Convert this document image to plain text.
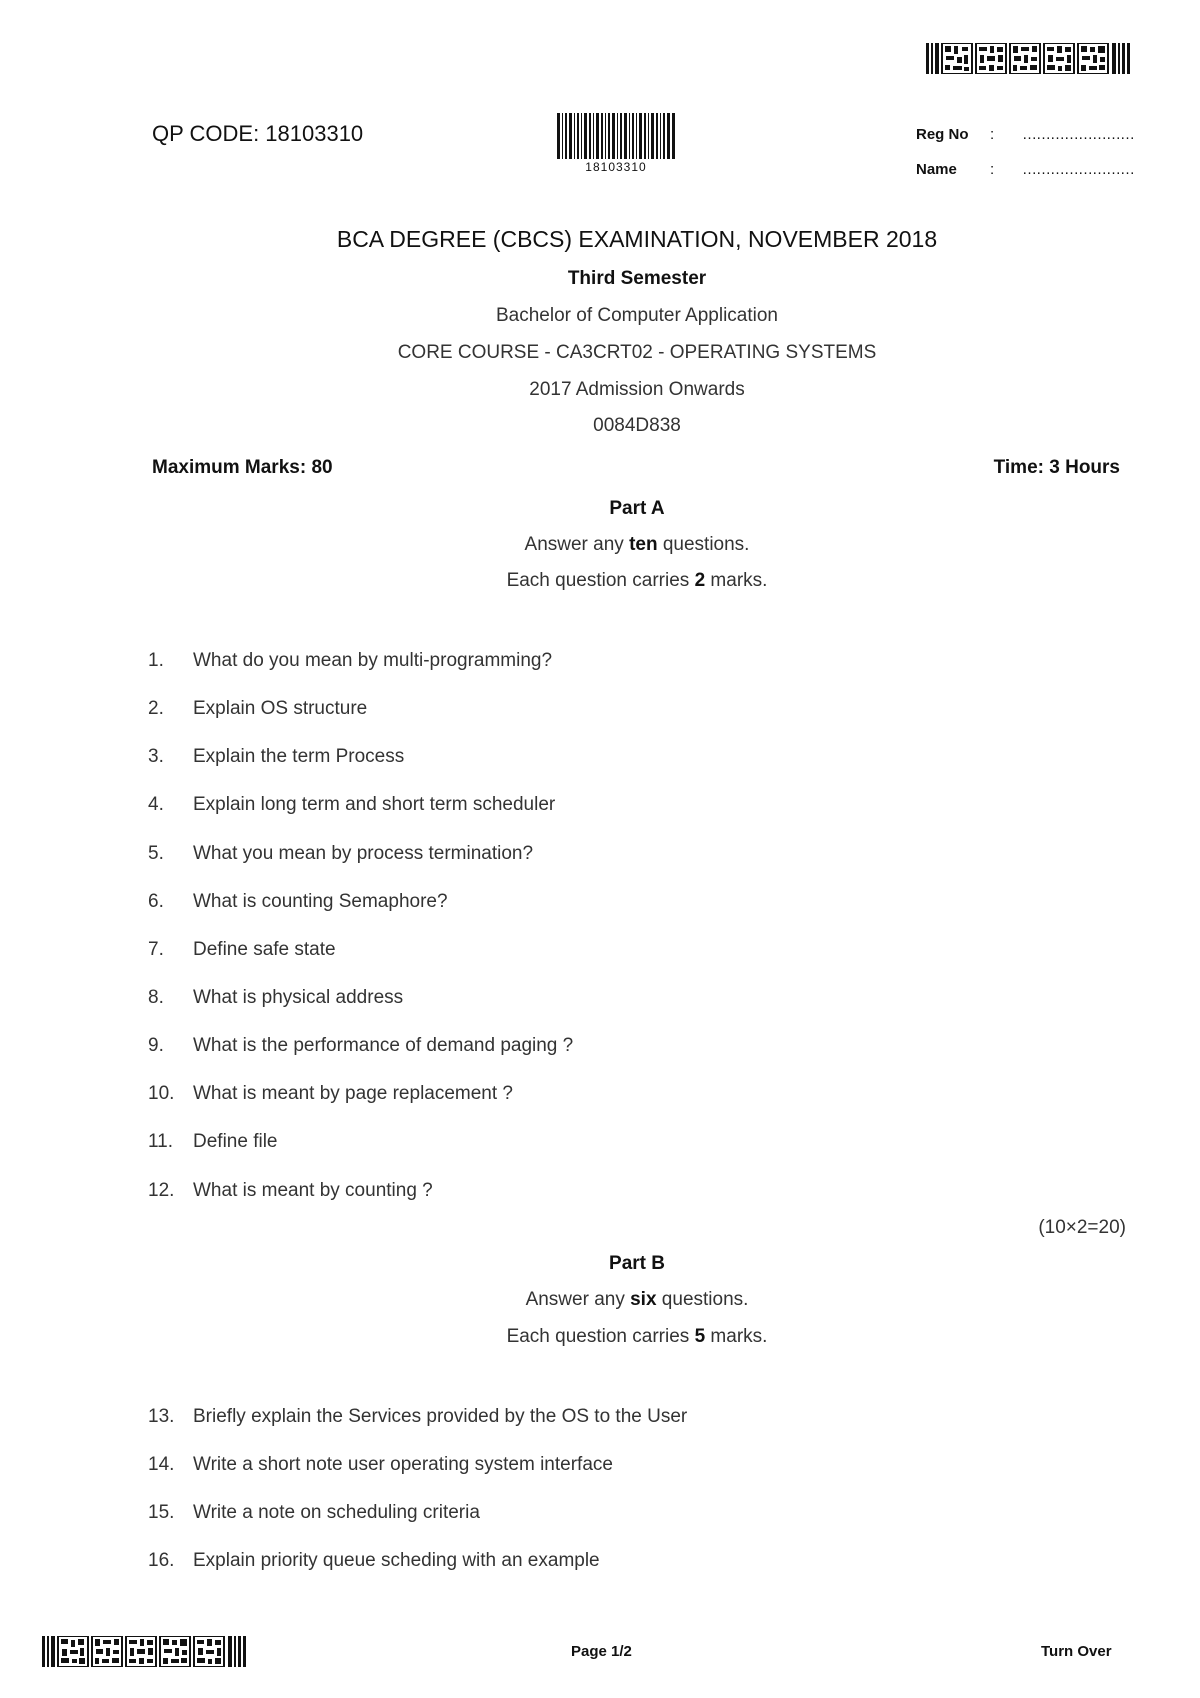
QP CODE: 18103310
18103310
Reg No : ……………………
Name : ……………………
BCA DEGREE (CBCS) EXAMINATION, NOVEMBER 2018
Third Semester
Bachelor of Computer Application
CORE COURSE - CA3CRT02 - OPERATING SYSTEMS
2017 Admission Onwards
0084D838
Maximum Marks: 80	Time: 3 Hours
Part A
Answer any ten questions.
Each question carries 2 marks.
1. What do you mean by multi-programming?
2. Explain OS structure
3. Explain the term Process
4. Explain long term and short term scheduler
5. What you mean by process termination?
6. What is counting Semaphore?
7. Define safe state
8. What is physical address
9. What is the performance of demand paging ?
10. What is meant by page replacement ?
11. Define file
12. What is meant by counting ?
(10×2=20)
Part B
Answer any six questions.
Each question carries 5 marks.
13. Briefly explain the Services provided by the OS to the User
14. Write a short note user operating system interface
15. Write a note on scheduling criteria
16. Explain priority queue scheding with an example
Page 1/2	Turn Over
